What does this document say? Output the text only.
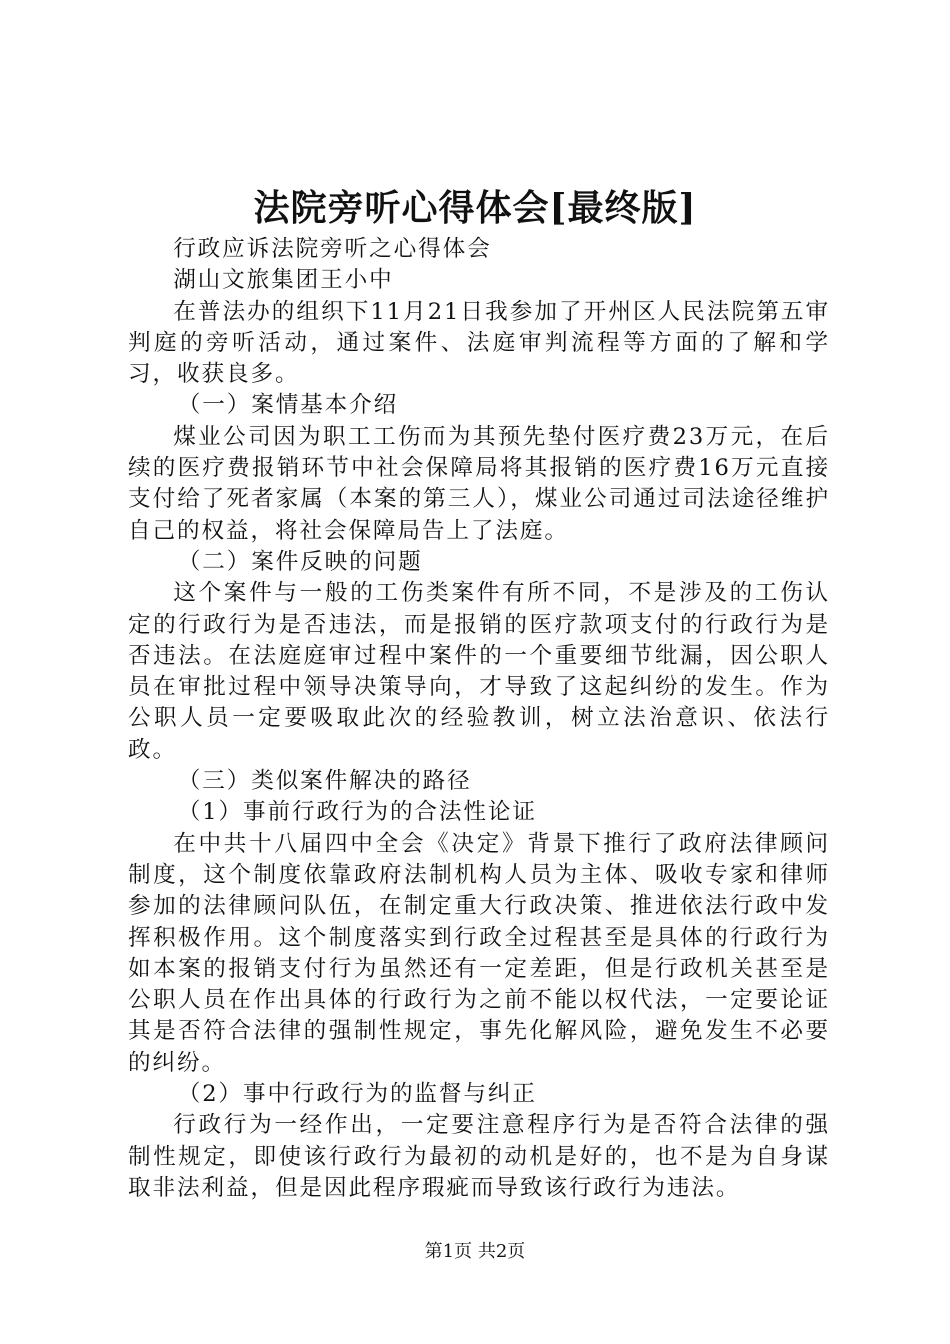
法院旁听心得体会[最终版]

行政应诉法院旁听之心得体会

湖山文旅集团王小中

在普法办的组织下11月21日我参加了开州区人民法院第五审判庭的旁听活动，通过案件、法庭审判流程等方面的了解和学习，收获良多。

（一）案情基本介绍

煤业公司因为职工工伤而为其预先垫付医疗费23万元，在后续的医疗费报销环节中社会保障局将其报销的医疗费16万元直接支付给了死者家属（本案的第三人），煤业公司通过司法途径维护自己的权益，将社会保障局告上了法庭。

（二）案件反映的问题

这个案件与一般的工伤类案件有所不同，不是涉及的工伤认定的行政行为是否违法，而是报销的医疗款项支付的行政行为是否违法。在法庭庭审过程中案件的一个重要细节纰漏，因公职人员在审批过程中领导决策导向，才导致了这起纠纷的发生。作为公职人员一定要吸取此次的经验教训，树立法治意识、依法行政。

（三）类似案件解决的路径

（1）事前行政行为的合法性论证

在中共十八届四中全会《决定》背景下推行了政府法律顾问制度，这个制度依靠政府法制机构人员为主体、吸收专家和律师参加的法律顾问队伍，在制定重大行政决策、推进依法行政中发挥积极作用。这个制度落实到行政全过程甚至是具体的行政行为如本案的报销支付行为虽然还有一定差距，但是行政机关甚至是公职人员在作出具体的行政行为之前不能以权代法，一定要论证其是否符合法律的强制性规定，事先化解风险，避免发生不必要的纠纷。

（2）事中行政行为的监督与纠正

行政行为一经作出，一定要注意程序行为是否符合法律的强制性规定，即使该行政行为最初的动机是好的，也不是为自身谋取非法利益，但是因此程序瑕疵而导致该行政行为违法。

第1页 共2页
